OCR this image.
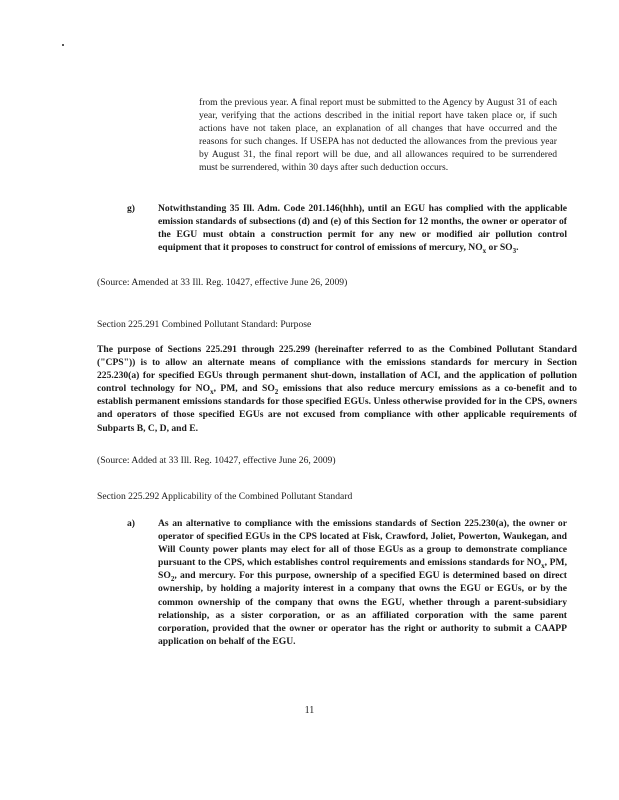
from the previous year. A final report must be submitted to the Agency by August 31 of each year, verifying that the actions described in the initial report have taken place or, if such actions have not taken place, an explanation of all changes that have occurred and the reasons for such changes. If USEPA has not deducted the allowances from the previous year by August 31, the final report will be due, and all allowances required to be surrendered must be surrendered, within 30 days after such deduction occurs.
g) Notwithstanding 35 Ill. Adm. Code 201.146(hhh), until an EGU has complied with the applicable emission standards of subsections (d) and (e) of this Section for 12 months, the owner or operator of the EGU must obtain a construction permit for any new or modified air pollution control equipment that it proposes to construct for control of emissions of mercury, $NO_x$ or $SO_3$.
(Source: Amended at 33 Ill. Reg. 10427, effective June 26, 2009)
Section 225.291 Combined Pollutant Standard: Purpose
The purpose of Sections 225.291 through 225.299 (hereinafter referred to as the Combined Pollutant Standard ("CPS")) is to allow an alternate means of compliance with the emissions standards for mercury in Section 225.230(a) for specified EGUs through permanent shut-down, installation of ACI, and the application of pollution control technology for $NO_x$, PM, and $SO_2$ emissions that also reduce mercury emissions as a co-benefit and to establish permanent emissions standards for those specified EGUs. Unless otherwise provided for in the CPS, owners and operators of those specified EGUs are not excused from compliance with other applicable requirements of Subparts B, C, D, and E.
(Source: Added at 33 Ill. Reg. 10427, effective June 26, 2009)
Section 225.292 Applicability of the Combined Pollutant Standard
a) As an alternative to compliance with the emissions standards of Section 225.230(a), the owner or operator of specified EGUs in the CPS located at Fisk, Crawford, Joliet, Powerton, Waukegan, and Will County power plants may elect for all of those EGUs as a group to demonstrate compliance pursuant to the CPS, which establishes control requirements and emissions standards for $NO_x$, PM, $SO_2$, and mercury. For this purpose, ownership of a specified EGU is determined based on direct ownership, by holding a majority interest in a company that owns the EGU or EGUs, or by the common ownership of the company that owns the EGU, whether through a parent-subsidiary relationship, as a sister corporation, or as an affiliated corporation with the same parent corporation, provided that the owner or operator has the right or authority to submit a CAAPP application on behalf of the EGU.
11
